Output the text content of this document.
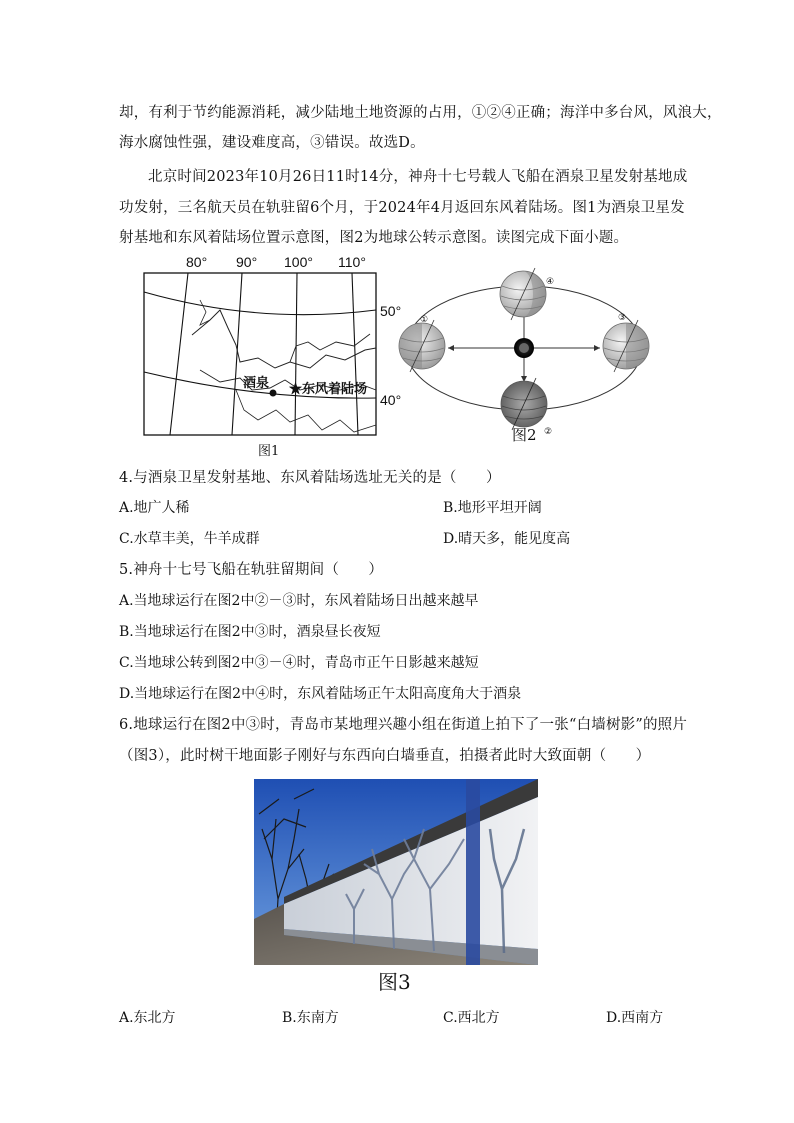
却，有利于节约能源消耗，减少陆地土地资源的占用，①②④正确；海洋中多台风，风浪大，
海水腐蚀性强，建设难度高，③错误。故选D。
北京时间2023年10月26日11时14分，神舟十七号载人飞船在酒泉卫星发射基地成
功发射，三名航天员在轨驻留6个月，于2024年4月返回东风着陆场。图1为酒泉卫星发
射基地和东风着陆场位置示意图，图2为地球公转示意图。读图完成下面小题。
80° 90° 100° 110°
酒泉 ★东风着陆场
50°
40°
图1
④
①	③
②
图2
4.与酒泉卫星发射基地、东风着陆场选址无关的是（　　）
A.地广人稀	B.地形平坦开阔
C.水草丰美，牛羊成群	D.晴天多，能见度高
5.神舟十七号飞船在轨驻留期间（　　）
A.当地球运行在图2中②－③时，东风着陆场日出越来越早
B.当地球运行在图2中③时，酒泉昼长夜短
C.当地球公转到图2中③－④时，青岛市正午日影越来越短
D.当地球运行在图2中④时，东风着陆场正午太阳高度角大于酒泉
6.地球运行在图2中③时，青岛市某地理兴趣小组在街道上拍下了一张“白墙树影”的照片
（图3），此时树干地面影子刚好与东西向白墙垂直，拍摄者此时大致面朝（　　）
图3
A.东北方	B.东南方	C.西北方	D.西南方
